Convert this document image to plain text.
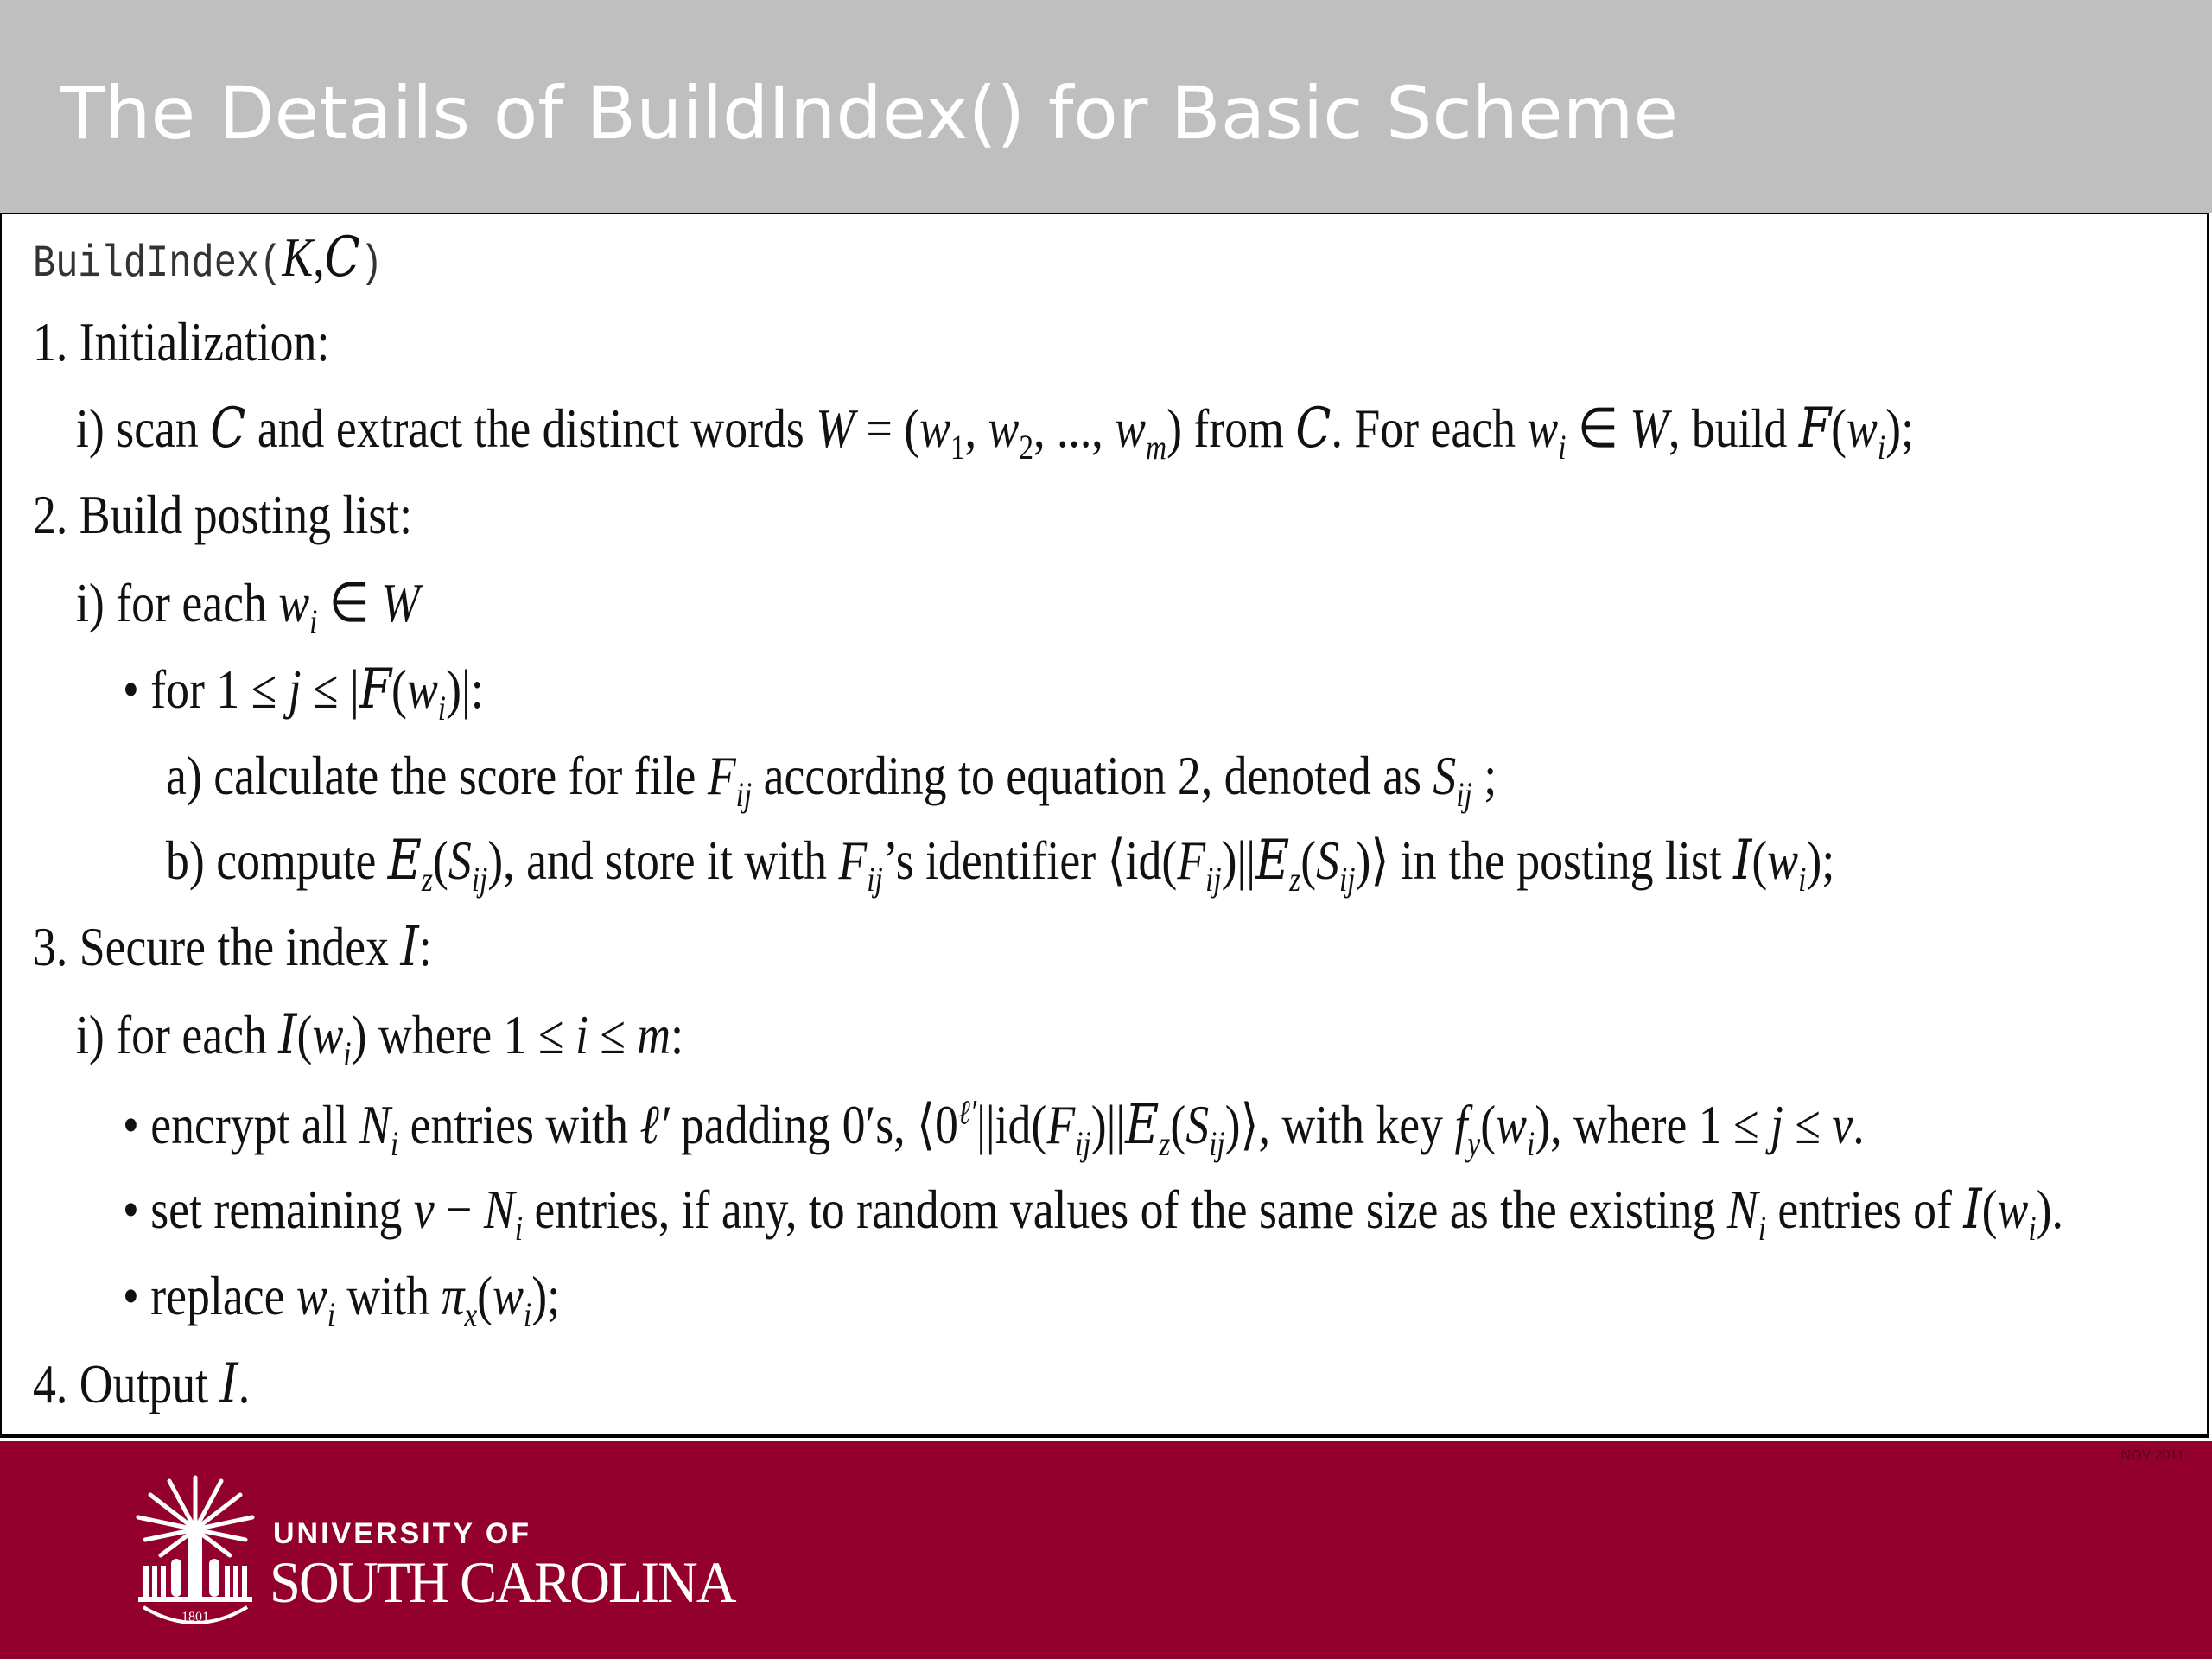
The Details of BuildIndex() for Basic Scheme
BuildIndex(K,C)
1. Initialization:
i) scan C and extract the distinct words $W = (w_1$, $w_2$, ..., $w_m$) from C. For each $w_i$ ∈ W, build $F(w_i)$;
2. Build posting list:
i) for each $w_i$ ∈ W
• for $1 \le j \le |F(w_i)|$:
a) calculate the score for file $F_{ij}$ according to equation 2, denoted as $S_{ij}$ ;
b) compute $E_z(S_{ij})$, and store it with $F_{ij}’s$ identifier $⟨id(F_{ij})||E_z(S_{ij})⟩$ in the posting list $I(w_i)$;
3. Secure the index I:
i) for each $I(w_i)$ where 1 ≤ i ≤ m:
• encrypt all $N_i$ entries with ℓ′ padding 0′s, $⟨0^{\ell'}||id(F_{ij})||E_z(S_{ij})⟩$, with key $f_y(w_i)$, where 1 ≤ j ≤ ν.
• set remaining $\nu - N_i$ entries, if any, to random values of the same size as the existing $N_i$ entries of $I(w_i)$.
• replace $w_i$ with $\pi_x(w_i)$;
4. Output I.
NOV 2011
1801
UNIVERSITY OF
SOUTH CAROLINA
